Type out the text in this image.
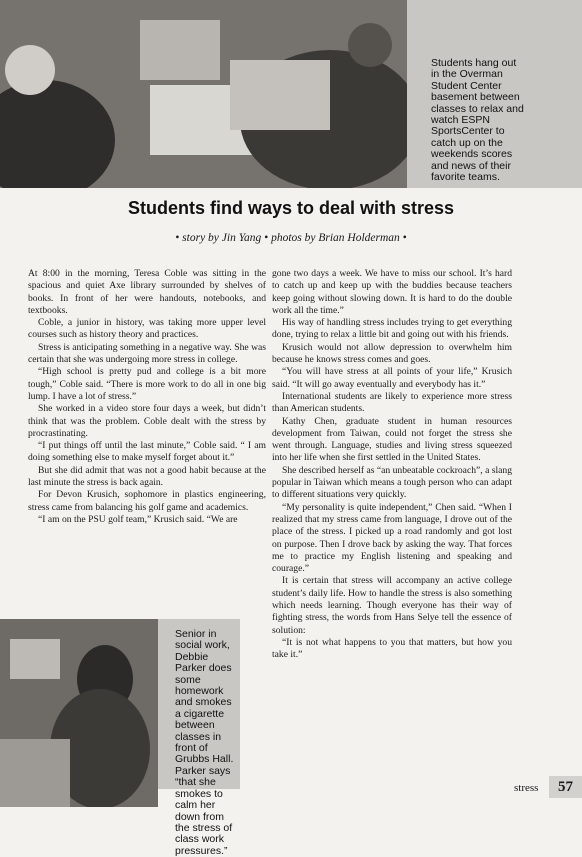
Students hang out in the Overman Student Center basement between classes to relax and watch ESPN SportsCenter to catch up on the weekends scores and news of their favorite teams.
Students find ways to deal with stress
• story by Jin Yang • photos by Brian Holderman •

At 8:00 in the morning, Teresa Coble was sitting in the spacious and quiet Axe library surrounded by shelves of books. In front of her were handouts, notebooks, and textbooks.

Coble, a junior in history, was taking more upper level courses such as history theory and practices.

Stress is anticipating something in a negative way. She was certain that she was undergoing more stress in college.

“High school is pretty pud and college is a bit more tough,” Coble said. “There is more work to do all in one big lump. I have a lot of stress.”

She worked in a video store four days a week, but didn’t think that was the problem. Coble dealt with the stress by procrastinating.

“I put things off until the last minute,” Coble said. “ I am doing something else to make myself forget about it.”

But she did admit that was not a good habit because at the last minute the stress is back again.

For Devon Krusich, sophomore in plastics engineering, stress came from balancing his golf game and academics.

“I am on the PSU golf team,” Krusich said. “We are

gone two days a week. We have to miss our school. It’s hard to catch up and keep up with the buddies because teachers keep going without slowing down. It is hard to do the double work all the time.”

His way of handling stress includes trying to get everything done, trying to relax a little bit and going out with his friends.

Krusich would not allow depression to overwhelm him because he knows stress comes and goes.

“You will have stress at all points of your life,” Krusich said. “It will go away eventually and everybody has it.”

International students are likely to experience more stress than American students.

Kathy Chen, graduate student in human resources development from Taiwan, could not forget the stress she went through. Language, studies and living stress squeezed into her life when she first settled in the United States.

She described herself as “an unbeatable cockroach”, a slang popular in Taiwan which means a tough person who can adapt to different situations very quickly.

“My personality is quite independent,” Chen said. “When I realized that my stress came from language, I drove out of the place of the stress. I picked up a road randomly and got lost on purpose. Then I drove back by asking the way. That forces me to practice my English listening and speaking and courage.”

It is certain that stress will accompany an active college student’s daily life. How to handle the stress is also something which needs learning. Though everyone has their way of fighting stress, the words from Hans Selye tell the essence of solution:

“It is not what happens to you that matters, but how you take it.”

Senior in social work, Debbie Parker does some homework and smokes a cigarette between classes in front of Grubbs Hall. Parker says “that she smokes to calm her down from the stress of class work pressures.”
stress	57
